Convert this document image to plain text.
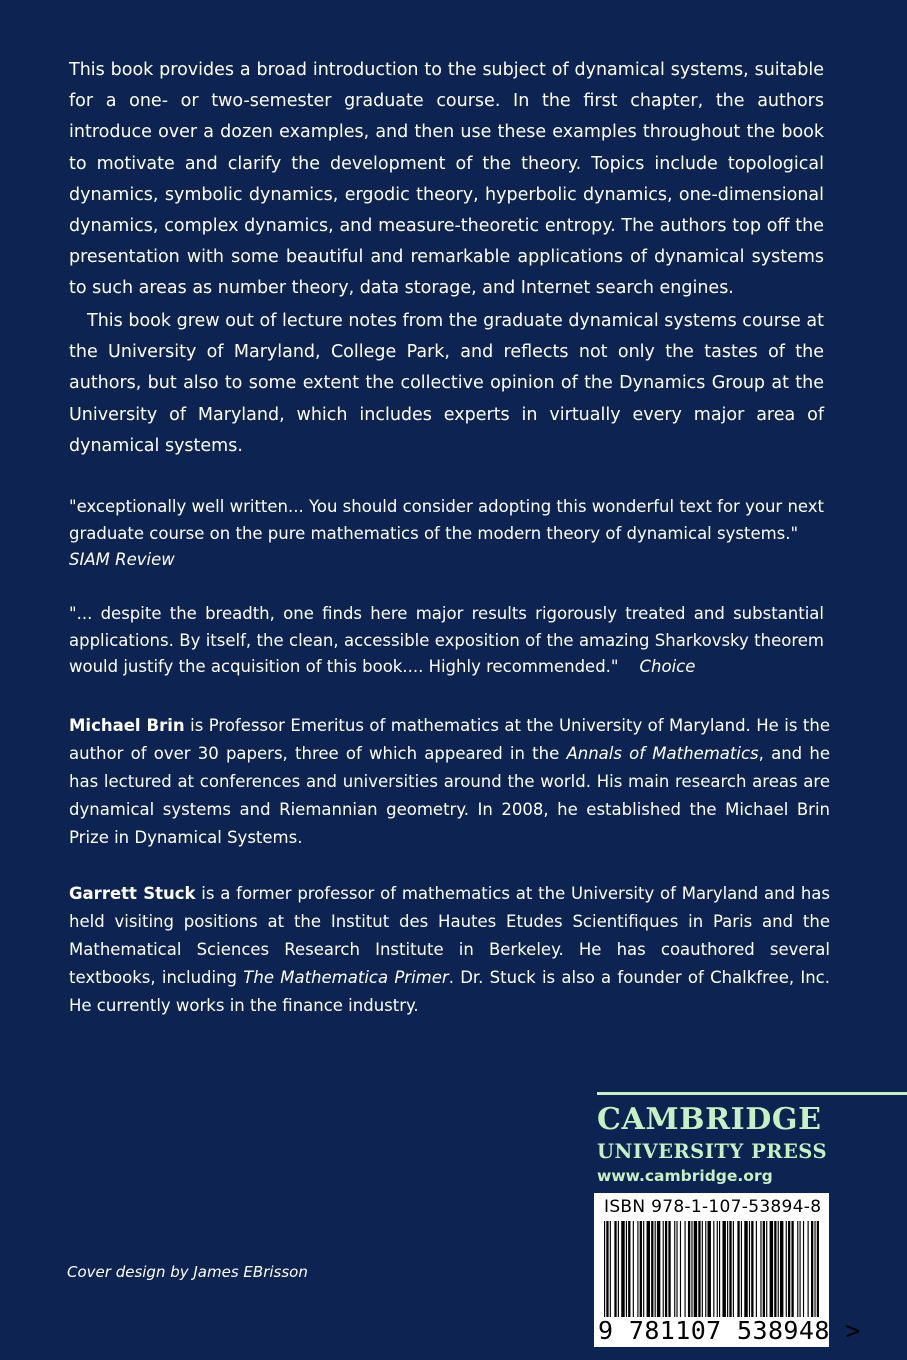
This book provides a broad introduction to the subject of dynamical systems, suitable for a one- or two-semester graduate course. In the first chapter, the authors introduce over a dozen examples, and then use these examples throughout the book to motivate and clarify the development of the theory. Topics include topological dynamics, symbolic dynamics, ergodic theory, hyperbolic dynamics, one-dimensional dynamics, complex dynamics, and measure-theoretic entropy. The authors top off the presentation with some beautiful and remarkable applications of dynamical systems to such areas as number theory, data storage, and Internet search engines.

This book grew out of lecture notes from the graduate dynamical systems course at the University of Maryland, College Park, and reflects not only the tastes of the authors, but also to some extent the collective opinion of the Dynamics Group at the University of Maryland, which includes experts in virtually every major area of dynamical systems.

"exceptionally well written... You should consider adopting this wonderful text for your next graduate course on the pure mathematics of the modern theory of dynamical systems."
SIAM Review
"... despite the breadth, one finds here major results rigorously treated and substantial applications. By itself, the clean, accessible exposition of the amazing Sharkovsky theorem would justify the acquisition of this book.... Highly recommended." Choice

Michael Brin is Professor Emeritus of mathematics at the University of Maryland. He is the author of over 30 papers, three of which appeared in the Annals of Mathematics, and he has lectured at conferences and universities around the world. His main research areas are dynamical systems and Riemannian geometry. In 2008, he established the Michael Brin Prize in Dynamical Systems.

Garrett Stuck is a former professor of mathematics at the University of Maryland and has held visiting positions at the Institut des Hautes Etudes Scientifiques in Paris and the Mathematical Sciences Research Institute in Berkeley. He has coauthored several textbooks, including The Mathematica Primer. Dr. Stuck is also a founder of Chalkfree, Inc. He currently works in the finance industry.

CAMBRIDGE
UNIVERSITY PRESS
www.cambridge.org
ISBN 978-1-107-53894-8
9 781107 538948 >
Cover design by James EBrisson
